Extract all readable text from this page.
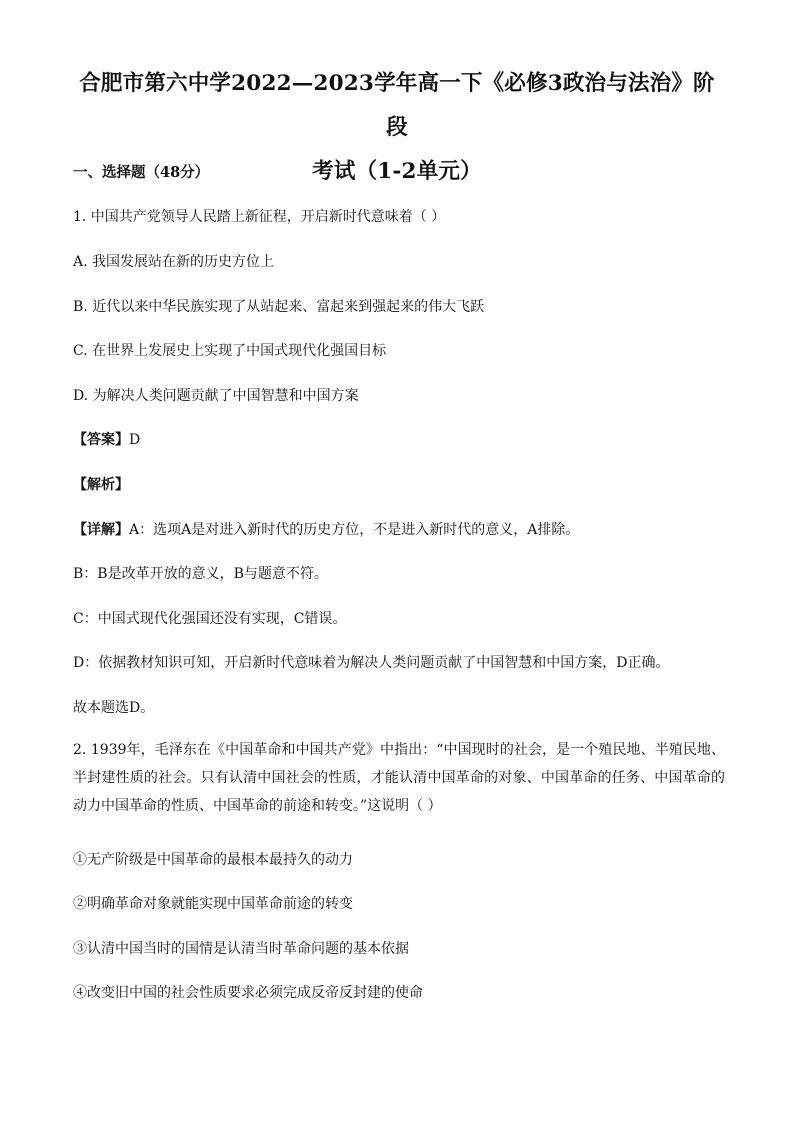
合肥市第六中学2022—2023学年高一下《必修3政治与法治》阶段
考试（1-2单元）

一、选择题（48分）

1. 中国共产党领导人民踏上新征程，开启新时代意味着（ ）

A. 我国发展站在新的历史方位上

B. 近代以来中华民族实现了从站起来、富起来到强起来的伟大飞跃

C. 在世界上发展史上实现了中国式现代化强国目标

D. 为解决人类问题贡献了中国智慧和中国方案

【答案】D

【解析】

【详解】A：选项A是对进入新时代的历史方位，不是进入新时代的意义，A排除。

B：B是改革开放的意义，B与题意不符。

C：中国式现代化强国还没有实现，C错误。

D：依据教材知识可知，开启新时代意味着为解决人类问题贡献了中国智慧和中国方案，D正确。

故本题选D。

2. 1939年，毛泽东在《中国革命和中国共产党》中指出：“中国现时的社会，是一个殖民地、半殖民地、半封建性质的社会。只有认清中国社会的性质，才能认清中国革命的对象、中国革命的任务、中国革命的动力中国革命的性质、中国革命的前途和转变。”这说明（ ）

①无产阶级是中国革命的最根本最持久的动力

②明确革命对象就能实现中国革命前途的转变

③认清中国当时的国情是认清当时革命问题的基本依据

④改变旧中国的社会性质要求必须完成反帝反封建的使命
